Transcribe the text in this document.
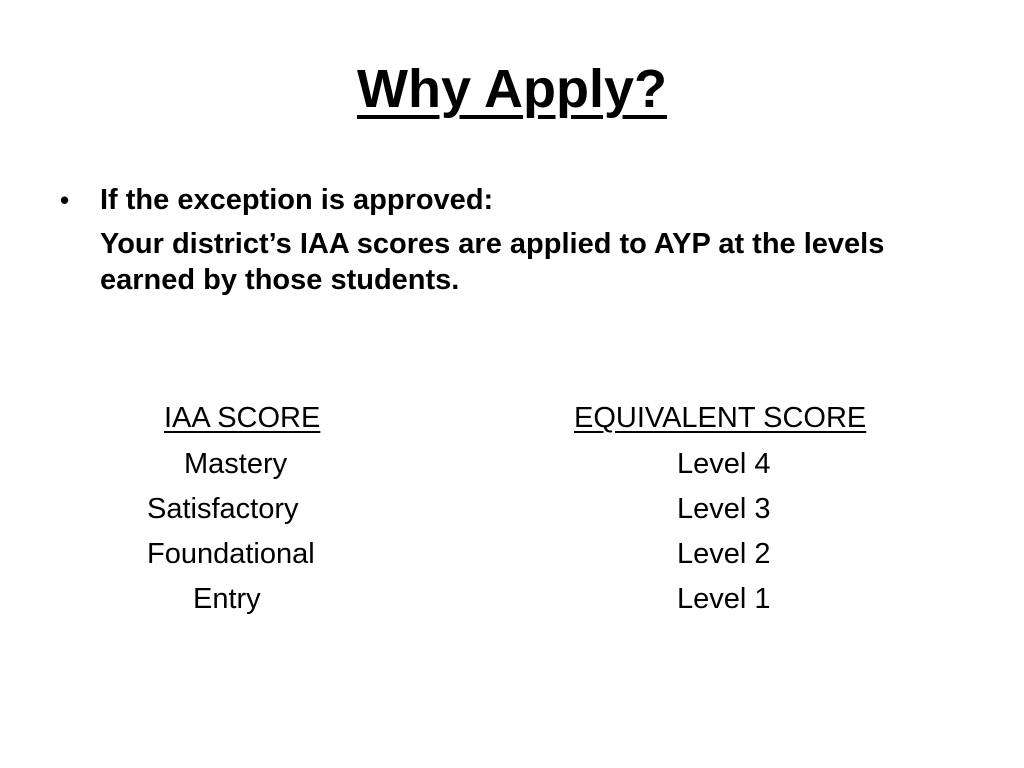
Why Apply?
•	If the exception is approved:
Your district’s IAA scores are applied to AYP at the levels earned by those students.
IAA SCORE	EQUIVALENT SCORE
Mastery	Level 4
Satisfactory	Level 3
Foundational	Level 2
Entry	Level 1
